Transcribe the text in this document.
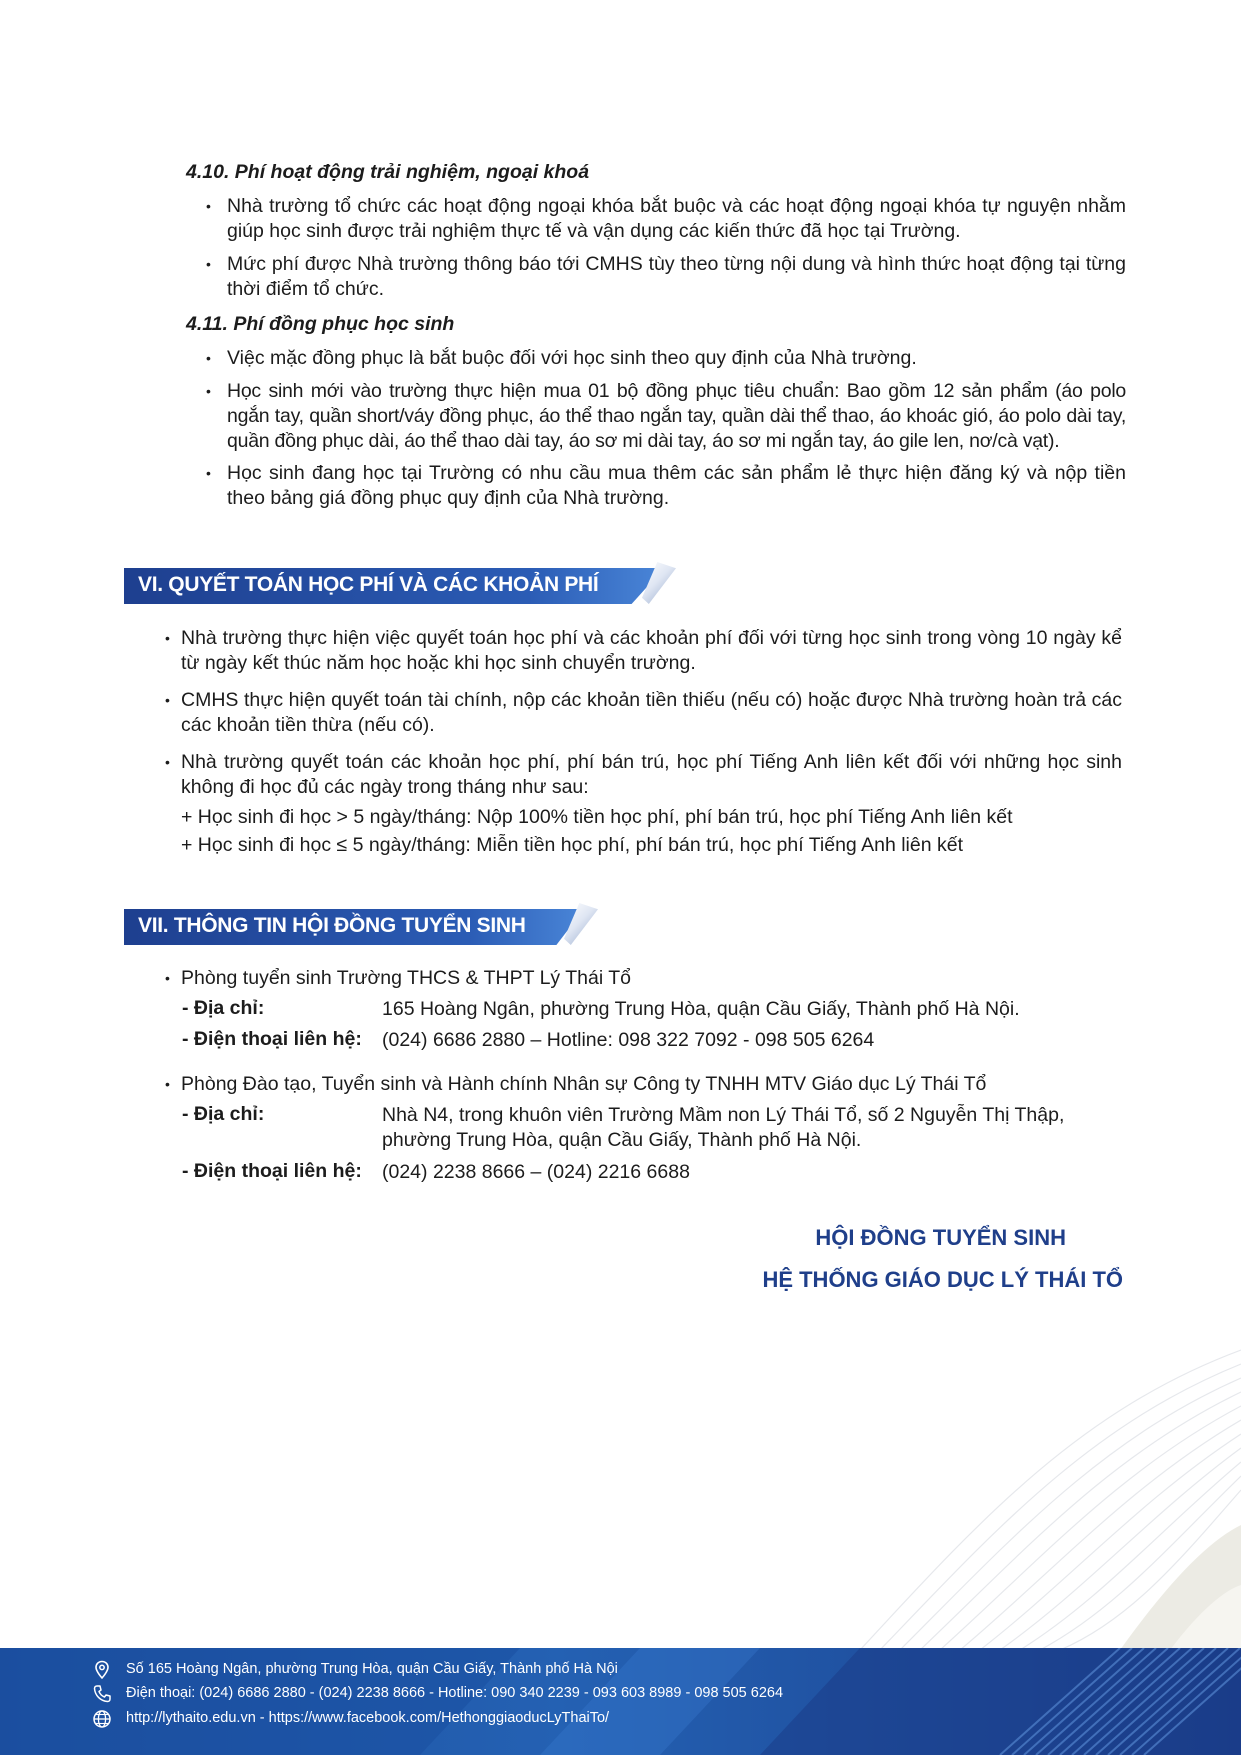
4.10. Phí hoạt động trải nghiệm, ngoại khoá
• Nhà trường tổ chức các hoạt động ngoại khóa bắt buộc và các hoạt động ngoại khóa tự nguyện nhằm giúp học sinh được trải nghiệm thực tế và vận dụng các kiến thức đã học tại Trường.
• Mức phí được Nhà trường thông báo tới CMHS tùy theo từng nội dung và hình thức hoạt động tại từng thời điểm tổ chức.
4.11. Phí đồng phục học sinh
• Việc mặc đồng phục là bắt buộc đối với học sinh theo quy định của Nhà trường.
• Học sinh mới vào trường thực hiện mua 01 bộ đồng phục tiêu chuẩn: Bao gồm 12 sản phẩm (áo polo ngắn tay, quần short/váy đồng phục, áo thể thao ngắn tay, quần dài thể thao, áo khoác gió, áo polo dài tay, quần đồng phục dài, áo thể thao dài tay, áo sơ mi dài tay, áo sơ mi ngắn tay, áo gile len, nơ/cà vạt).
• Học sinh đang học tại Trường có nhu cầu mua thêm các sản phẩm lẻ thực hiện đăng ký và nộp tiền theo bảng giá đồng phục quy định của Nhà trường.
VI. QUYẾT TOÁN HỌC PHÍ VÀ CÁC KHOẢN PHÍ
• Nhà trường thực hiện việc quyết toán học phí và các khoản phí đối với từng học sinh trong vòng 10 ngày kể từ ngày kết thúc năm học hoặc khi học sinh chuyển trường.
• CMHS thực hiện quyết toán tài chính, nộp các khoản tiền thiếu (nếu có) hoặc được Nhà trường hoàn trả các các khoản tiền thừa (nếu có).
• Nhà trường quyết toán các khoản học phí, phí bán trú, học phí Tiếng Anh liên kết đối với những học sinh không đi học đủ các ngày trong tháng như sau:
+ Học sinh đi học > 5 ngày/tháng: Nộp 100% tiền học phí, phí bán trú, học phí Tiếng Anh liên kết
+ Học sinh đi học ≤ 5 ngày/tháng: Miễn tiền học phí, phí bán trú, học phí Tiếng Anh liên kết
VII. THÔNG TIN HỘI ĐỒNG TUYỂN SINH
• Phòng tuyển sinh Trường THCS & THPT Lý Thái Tổ
- Địa chỉ:	165 Hoàng Ngân, phường Trung Hòa, quận Cầu Giấy, Thành phố Hà Nội.
- Điện thoại liên hệ: (024) 6686 2880 – Hotline: 098 322 7092 - 098 505 6264
• Phòng Đào tạo, Tuyển sinh và Hành chính Nhân sự Công ty TNHH MTV Giáo dục Lý Thái Tổ
- Địa chỉ:	Nhà N4, trong khuôn viên Trường Mầm non Lý Thái Tổ, số 2 Nguyễn Thị Thập, phường Trung Hòa, quận Cầu Giấy, Thành phố Hà Nội.
- Điện thoại liên hệ: (024) 2238 8666 – (024) 2216 6688
HỘI ĐỒNG TUYỂN SINH
HỆ THỐNG GIÁO DỤC LÝ THÁI TỔ
Số 165 Hoàng Ngân, phường Trung Hòa, quận Cầu Giấy, Thành phố Hà Nội
Điện thoại: (024) 6686 2880 - (024) 2238 8666 - Hotline: 090 340 2239 - 093 603 8989 - 098 505 6264
http://lythaito.edu.vn - https://www.facebook.com/HethonggiaoducLyThaiTo/
